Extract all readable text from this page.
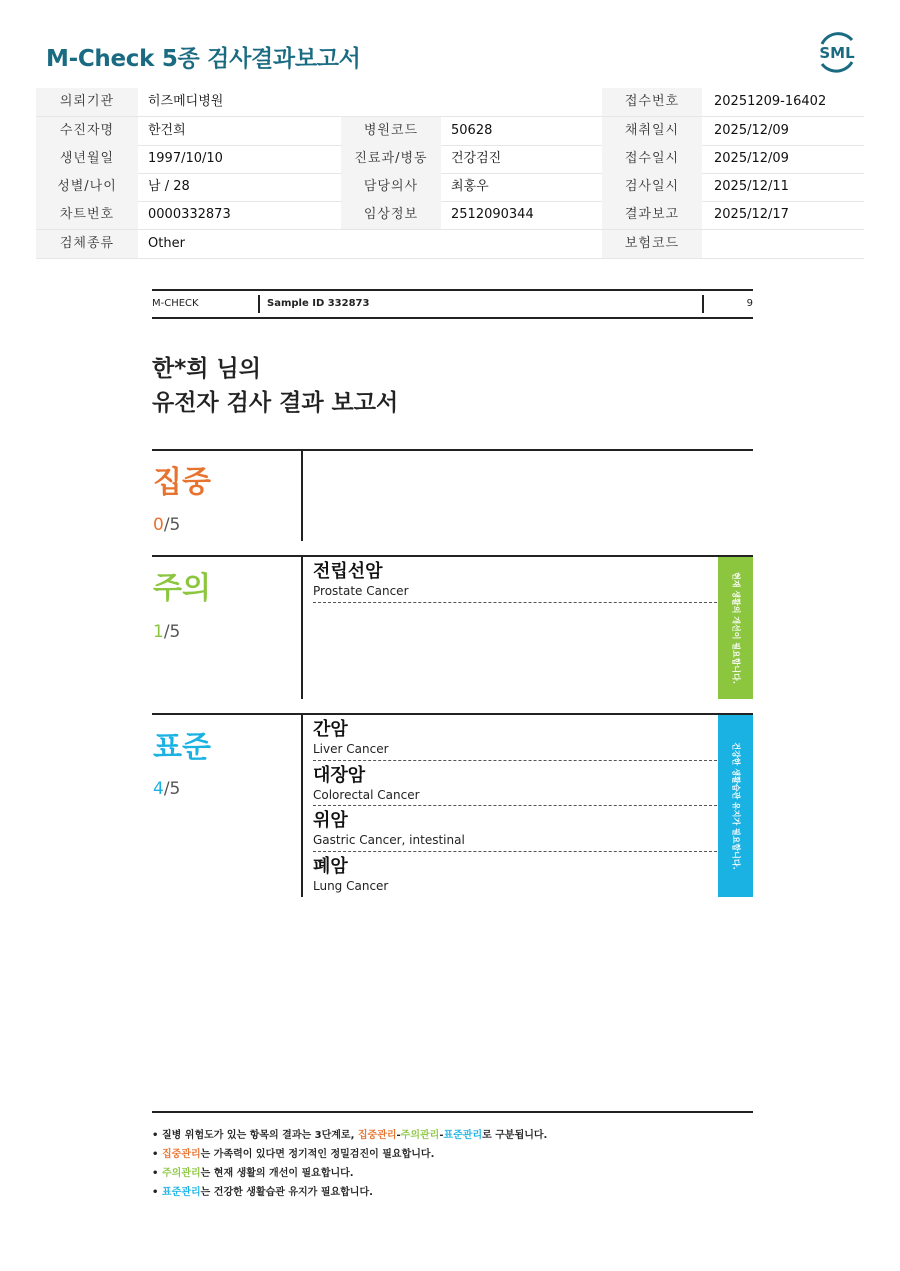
M-Check 5종 검사결과보고서	SML
의뢰기관	히즈메디병원	접수번호	20251209-16402
수진자명	한건희	병원코드	50628	채취일시	2025/12/09
생년월일	1997/10/10	진료과/병동	건강검진	접수일시	2025/12/09
성별/나이	남 / 28	담당의사	최홍우	검사일시	2025/12/11
차트번호	0000332873	임상정보	2512090344	결과보고	2025/12/17
검체종류	Other	보험코드
M-CHECK	Sample ID 332873	9
한*희 님의
유전자 검사 결과 보고서
집중
0/5
주의
1/5
전립선암
Prostate Cancer	현재 생활의 개선이 필요합니다.
표준
4/5
간암
Liver Cancer
대장암
Colorectal Cancer
위암
Gastric Cancer, intestinal
폐암
Lung Cancer
건강한 생활습관 유지가 필요합니다.
• 질병 위험도가 있는 항목의 결과는 3단계로, 집중관리-주의관리-표준관리로 구분됩니다.
• 집중관리는 가족력이 있다면 정기적인 정밀검진이 필요합니다.
• 주의관리는 현재 생활의 개선이 필요합니다.
• 표준관리는 건강한 생활습관 유지가 필요합니다.
